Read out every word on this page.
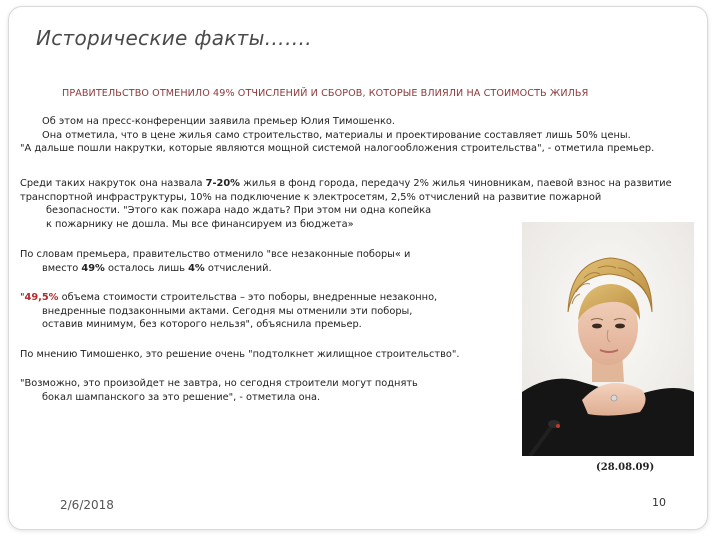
Исторические факты…….
ПРАВИТЕЛЬСТВО ОТМЕНИЛО 49% ОТЧИСЛЕНИЙ И СБОРОВ, КОТОРЫЕ ВЛИЯЛИ НА СТОИМОСТЬ ЖИЛЬЯ
Об этом на пресс-конференции заявила премьер Юлия Тимошенко.
Она отметила, что в цене жилья само строительство, материалы и проектирование составляет лишь 50% цены.
"А дальше пошли накрутки, которые являются мощной системой налогообложения строительства", - отметила премьер.
Среди таких накруток она назвала 7-20% жилья в фонд города, передачу 2% жилья чиновникам, паевой взнос на развитие
транспортной инфраструктуры, 10% на подключение к электросетям, 2,5% отчислений на развитие пожарной
безопасности. "Этого как пожара надо ждать? При этом ни одна копейка
к пожарнику не дошла. Мы все финансируем из бюджета»
По словам премьера, правительство отменило "все незаконные поборы« и
вместо 49% осталось лишь 4% отчислений.
"49,5% объема стоимости строительства – это поборы, внедренные незаконно,
внедренные подзаконными актами. Сегодня мы отменили эти поборы,
оставив минимум, без которого нельзя", объяснила премьер.
По мнению Тимошенко, это решение очень "подтолкнет жилищное строительство".
"Возможно, это произойдет не завтра, но сегодня строители могут поднять
бокал шампанского за это решение", - отметила она.
(28.08.09)
2/6/2018	10
